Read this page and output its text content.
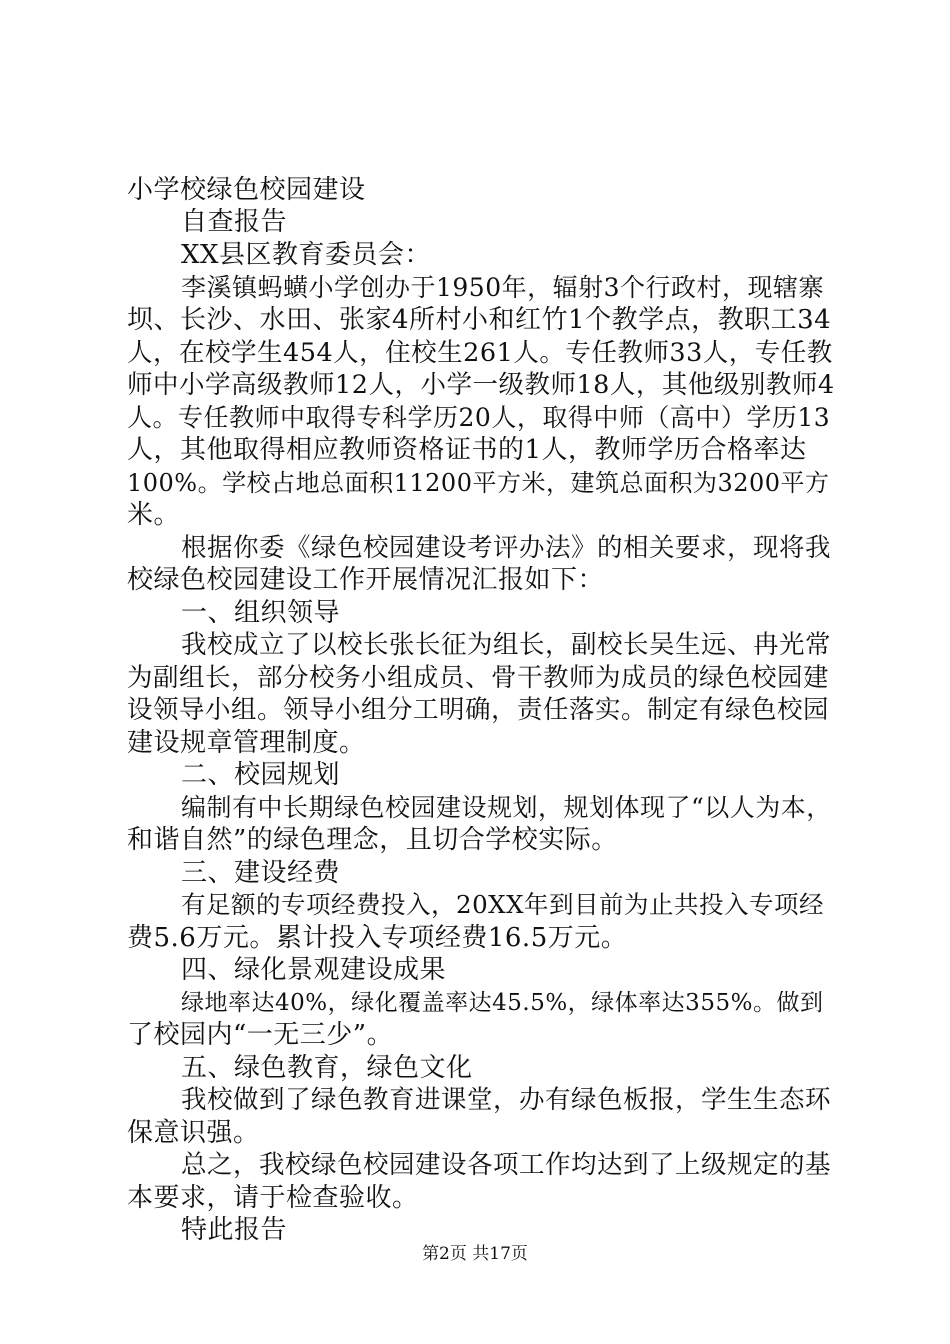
小学校绿色校园建设
自查报告
XX县区教育委员会：
李溪镇蚂蟥小学创办于1950年，辐射3个行政村，现辖寨
坝、长沙、水田、张家4所村小和红竹1个教学点，教职工34
人，在校学生454人，住校生261人。专任教师33人，专任教
师中小学高级教师12人，小学一级教师18人，其他级别教师4
人。专任教师中取得专科学历20人，取得中师（高中）学历13
人，其他取得相应教师资格证书的1人，教师学历合格率达
100%。学校占地总面积11200平方米，建筑总面积为3200平方
米。
根据你委《绿色校园建设考评办法》的相关要求，现将我
校绿色校园建设工作开展情况汇报如下：
一、组织领导
我校成立了以校长张长征为组长，副校长吴生远、冉光常
为副组长，部分校务小组成员、骨干教师为成员的绿色校园建
设领导小组。领导小组分工明确，责任落实。制定有绿色校园
建设规章管理制度。
二、校园规划
编制有中长期绿色校园建设规划，规划体现了“以人为本，
和谐自然”的绿色理念，且切合学校实际。
三、建设经费
有足额的专项经费投入，20XX年到目前为止共投入专项经
费5.6万元。累计投入专项经费16.5万元。
四、绿化景观建设成果
绿地率达40%，绿化覆盖率达45.5%，绿体率达355%。做到
了校园内“一无三少”。
五、绿色教育，绿色文化
我校做到了绿色教育进课堂，办有绿色板报，学生生态环
保意识强。
总之，我校绿色校园建设各项工作均达到了上级规定的基
本要求，请于检查验收。
特此报告
第2页 共17页
